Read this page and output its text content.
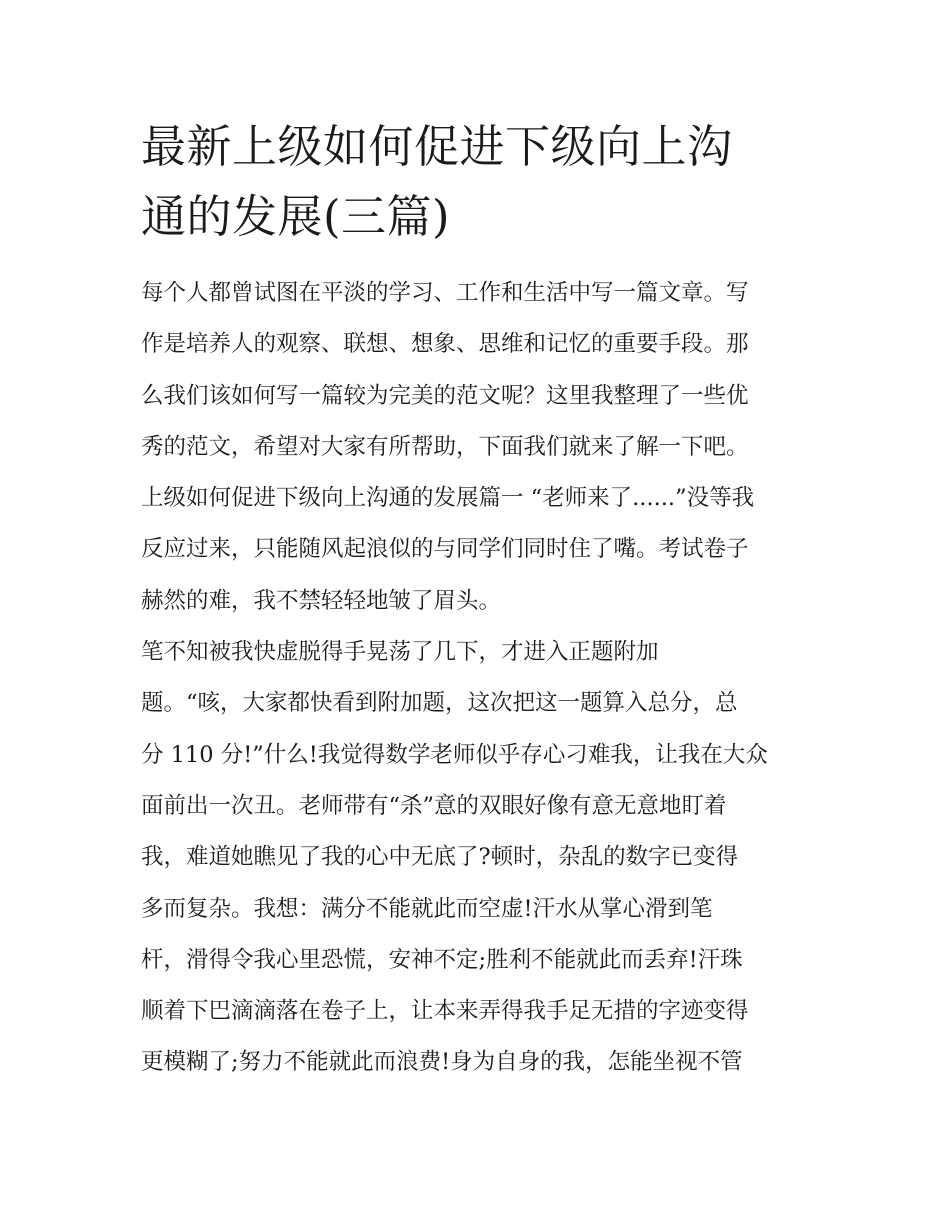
最新上级如何促进下级向上沟
通的发展(三篇)
每个人都曾试图在平淡的学习、工作和生活中写一篇文章。写
作是培养人的观察、联想、想象、思维和记忆的重要手段。那
么我们该如何写一篇较为完美的范文呢？这里我整理了一些优
秀的范文，希望对大家有所帮助，下面我们就来了解一下吧。
上级如何促进下级向上沟通的发展篇一 “老师来了......”没等我
反应过来，只能随风起浪似的与同学们同时住了嘴。考试卷子
赫然的难，我不禁轻轻地皱了眉头。
笔不知被我快虚脱得手晃荡了几下，才进入正题附加
题。“咳，大家都快看到附加题，这次把这一题算入总分，总
分 110 分!”什么!我觉得数学老师似乎存心刁难我，让我在大众
面前出一次丑。老师带有“杀”意的双眼好像有意无意地盯着
我，难道她瞧见了我的心中无底了?顿时，杂乱的数字已变得
多而复杂。我想：满分不能就此而空虚!汗水从掌心滑到笔
杆，滑得令我心里恐慌，安神不定;胜利不能就此而丢弃!汗珠
顺着下巴滴滴落在卷子上，让本来弄得我手足无措的字迹变得
更模糊了;努力不能就此而浪费!身为自身的我，怎能坐视不管
